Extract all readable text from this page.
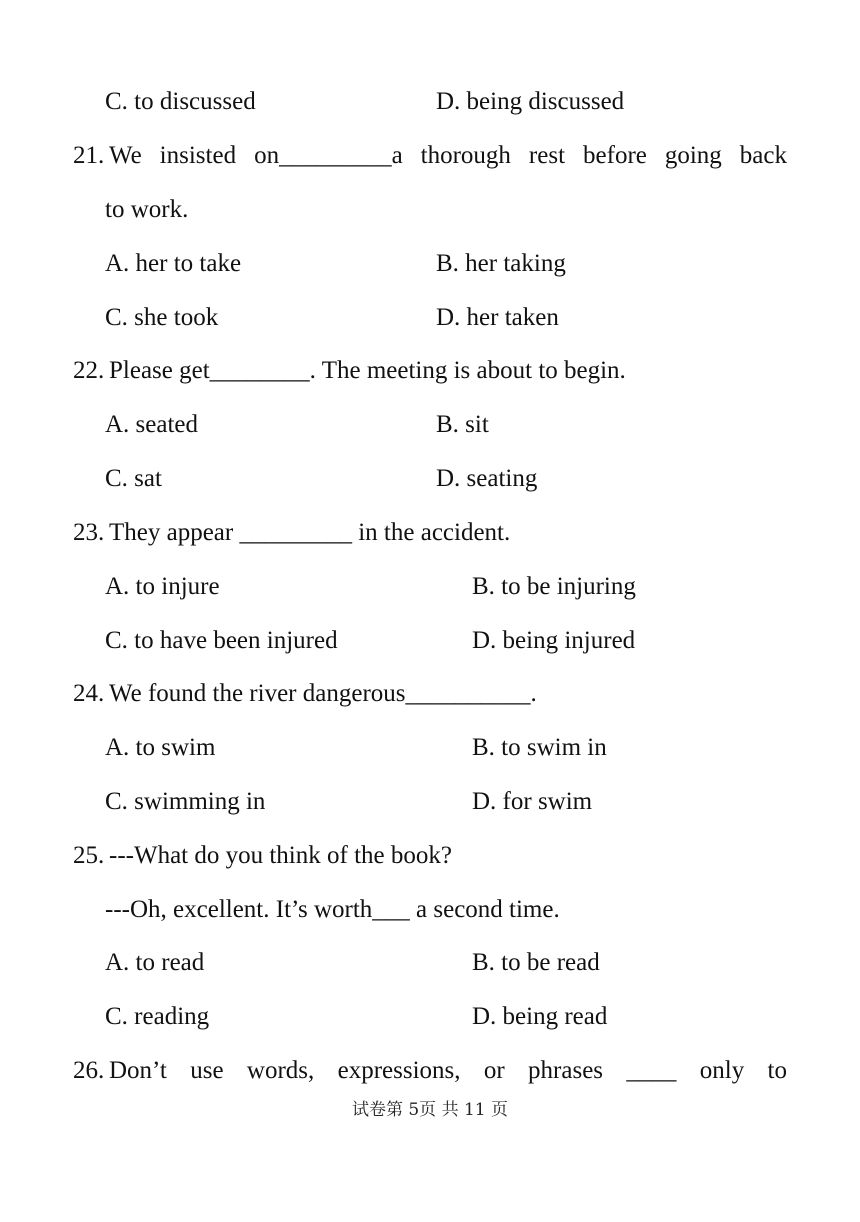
C. to discussed	D. being discussed
21. We insisted on_________a thorough rest before going back
to work.
A. her to take	B. her taking
C. she took	D. her taken
22. Please get________. The meeting is about to begin.
A. seated	B. sit
C. sat	D. seating
23. They appear _________ in the accident.
A. to injure	B. to be injuring
C. to have been injured	D. being injured
24. We found the river dangerous__________.
A. to swim	B. to swim in
C. swimming in	D. for swim
25. ---What do you think of the book?
---Oh, excellent. It’s worth___ a second time.
A. to read	B. to be read
C. reading	D. being read
26. Don’t use words, expressions, or phrases ____ only to
试卷第 5页 共 11 页
